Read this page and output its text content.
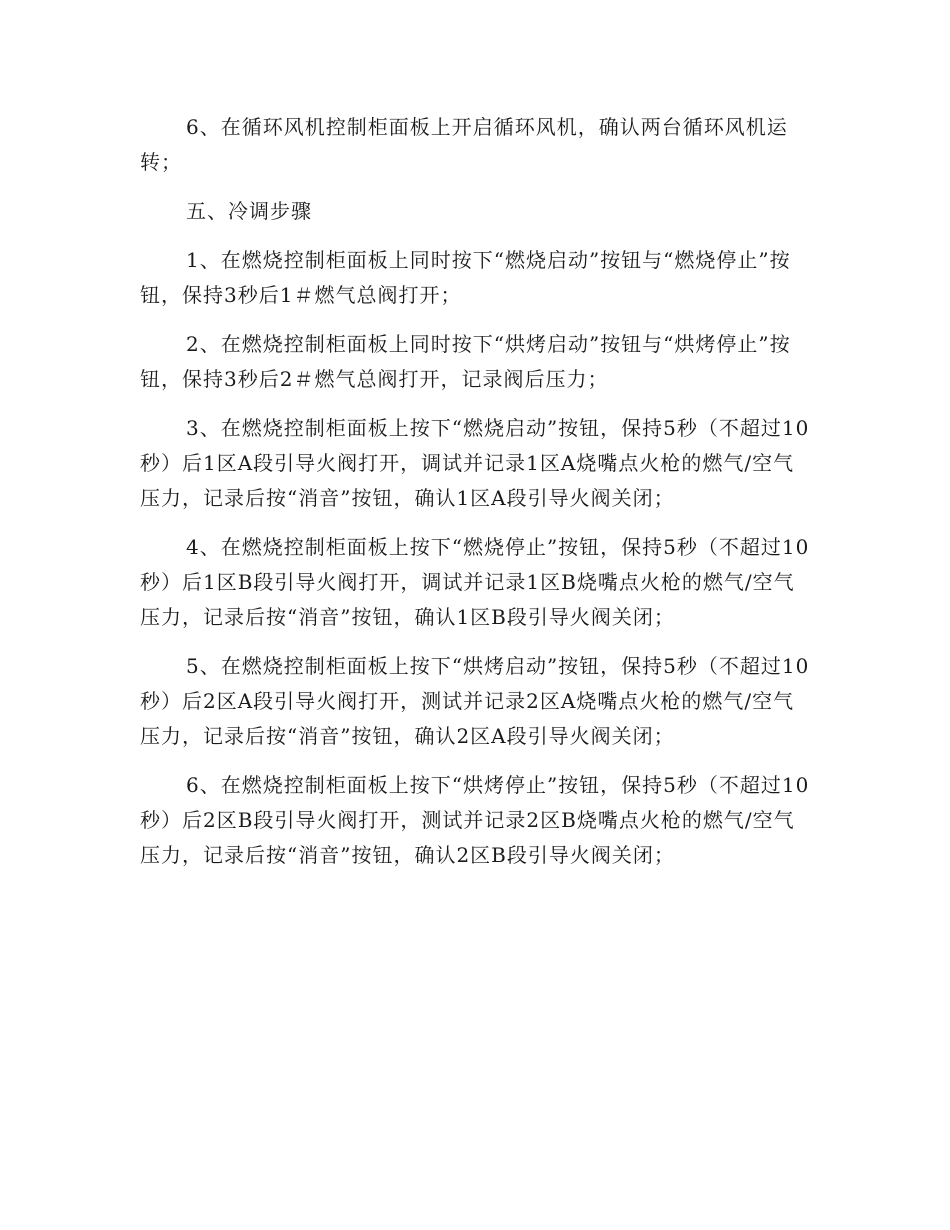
6、在循环风机控制柜面板上开启循环风机，确认两台循环风机运转；

五、冷调步骤

1、在燃烧控制柜面板上同时按下“燃烧启动”按钮与“燃烧停止”按钮，保持3秒后1＃燃气总阀打开；

2、在燃烧控制柜面板上同时按下“烘烤启动”按钮与“烘烤停止”按钮，保持3秒后2＃燃气总阀打开，记录阀后压力；

3、在燃烧控制柜面板上按下“燃烧启动”按钮，保持5秒（不超过10秒）后1区A段引导火阀打开，调试并记录1区A烧嘴点火枪的燃气/空气压力，记录后按“消音”按钮，确认1区A段引导火阀关闭；

4、在燃烧控制柜面板上按下“燃烧停止”按钮，保持5秒（不超过10秒）后1区B段引导火阀打开，调试并记录1区B烧嘴点火枪的燃气/空气压力，记录后按“消音”按钮，确认1区B段引导火阀关闭；

5、在燃烧控制柜面板上按下“烘烤启动”按钮，保持5秒（不超过10秒）后2区A段引导火阀打开，测试并记录2区A烧嘴点火枪的燃气/空气压力，记录后按“消音”按钮，确认2区A段引导火阀关闭；

6、在燃烧控制柜面板上按下“烘烤停止”按钮，保持5秒（不超过10秒）后2区B段引导火阀打开，测试并记录2区B烧嘴点火枪的燃气/空气压力，记录后按“消音”按钮，确认2区B段引导火阀关闭；
